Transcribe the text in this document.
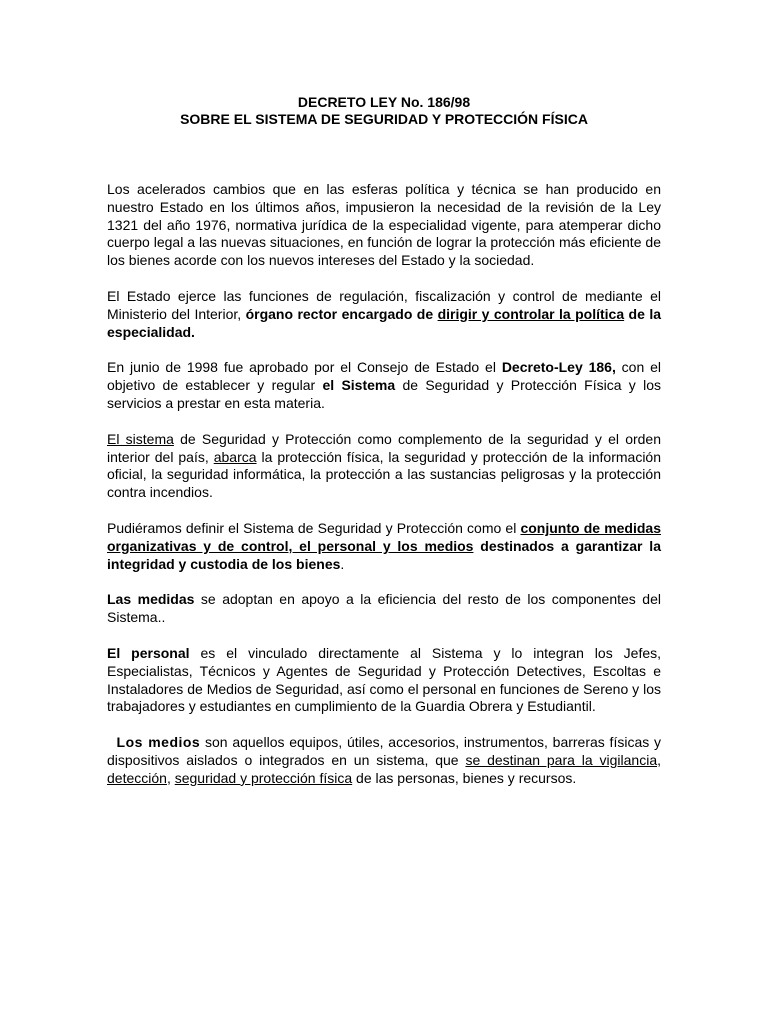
DECRETO LEY No. 186/98
SOBRE EL SISTEMA DE SEGURIDAD Y PROTECCIÓN FÍSICA

Los acelerados cambios que en las esferas política y técnica se han producido en nuestro Estado en los últimos años, impusieron la necesidad de la revisión de la Ley 1321 del año 1976, normativa jurídica de la especialidad vigente, para atemperar dicho cuerpo legal a las nuevas situaciones, en función de lograr la protección más eficiente de los bienes acorde con los nuevos intereses del Estado y la sociedad.

El Estado ejerce las funciones de regulación, fiscalización y control de mediante el Ministerio del Interior, órgano rector encargado de dirigir y controlar la política de la especialidad.

En junio de 1998 fue aprobado por el Consejo de Estado el Decreto-Ley 186, con el objetivo de establecer y regular el Sistema de Seguridad y Protección Física y los servicios a prestar en esta materia.

El sistema de Seguridad y Protección como complemento de la seguridad y el orden interior del país, abarca la protección física, la seguridad y protección de la información oficial, la seguridad informática, la protección a las sustancias peligrosas y la protección contra incendios.

Pudiéramos definir el Sistema de Seguridad y Protección como el conjunto de medidas organizativas y de control, el personal y los medios destinados a garantizar la integridad y custodia de los bienes.

Las medidas se adoptan en apoyo a la eficiencia del resto de los componentes del Sistema..

El personal es el vinculado directamente al Sistema y lo integran los Jefes, Especialistas, Técnicos y Agentes de Seguridad y Protección Detectives, Escoltas e Instaladores de Medios de Seguridad, así como el personal en funciones de Sereno y los trabajadores y estudiantes en cumplimiento de la Guardia Obrera y Estudiantil.

Los medios son aquellos equipos, útiles, accesorios, instrumentos, barreras físicas y dispositivos aislados o integrados en un sistema, que se destinan para la vigilancia, detección, seguridad y protección física de las personas, bienes y recursos.
